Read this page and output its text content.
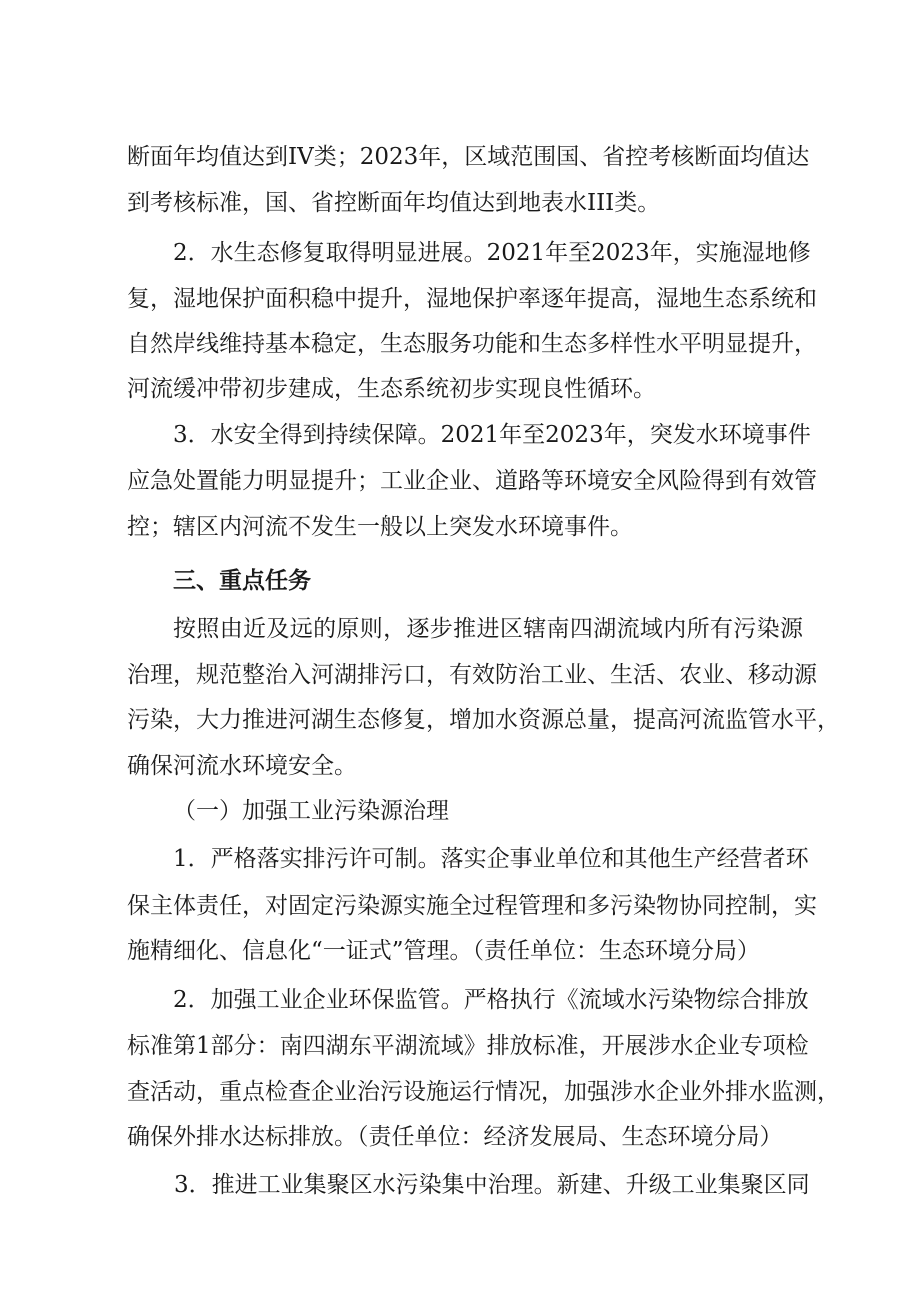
断面年均值达到IV类；2023年，区域范围国、省控考核断面均值达
到考核标准，国、省控断面年均值达到地表水III类。
2．水生态修复取得明显进展。2021年至2023年，实施湿地修
复，湿地保护面积稳中提升，湿地保护率逐年提高，湿地生态系统和
自然岸线维持基本稳定，生态服务功能和生态多样性水平明显提升，
河流缓冲带初步建成，生态系统初步实现良性循环。
3．水安全得到持续保障。2021年至2023年，突发水环境事件
应急处置能力明显提升；工业企业、道路等环境安全风险得到有效管
控；辖区内河流不发生一般以上突发水环境事件。
三、重点任务
按照由近及远的原则，逐步推进区辖南四湖流域内所有污染源
治理，规范整治入河湖排污口，有效防治工业、生活、农业、移动源
污染，大力推进河湖生态修复，增加水资源总量，提高河流监管水平，
确保河流水环境安全。
（一）加强工业污染源治理
1．严格落实排污许可制。落实企事业单位和其他生产经营者环
保主体责任，对固定污染源实施全过程管理和多污染物协同控制，实
施精细化、信息化“一证式”管理。（责任单位：生态环境分局）
2．加强工业企业环保监管。严格执行《流域水污染物综合排放
标准第1部分：南四湖东平湖流域》排放标准，开展涉水企业专项检
查活动，重点检查企业治污设施运行情况，加强涉水企业外排水监测，
确保外排水达标排放。（责任单位：经济发展局、生态环境分局）
3．推进工业集聚区水污染集中治理。新建、升级工业集聚区同
